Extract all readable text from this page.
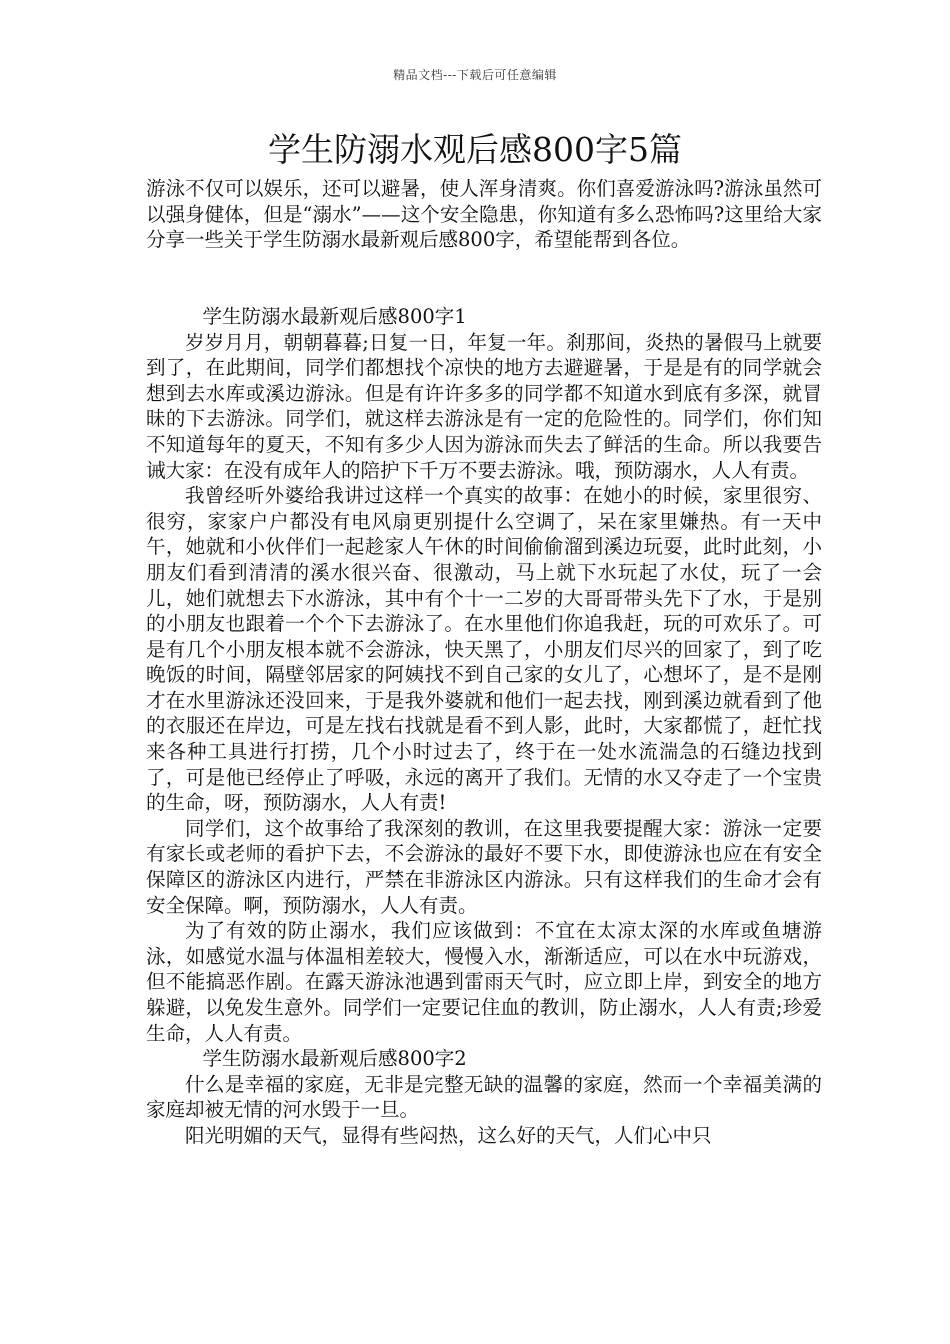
精品文档---下载后可任意编辑
学生防溺水观后感800字5篇

游泳不仅可以娱乐，还可以避暑，使人浑身清爽。你们喜爱游泳吗?游泳虽然可以强身健体，但是“溺水”——这个安全隐患，你知道有多么恐怖吗?这里给大家分享一些关于学生防溺水最新观后感800字，希望能帮到各位。

学生防溺水最新观后感800字1

岁岁月月，朝朝暮暮;日复一日，年复一年。刹那间，炎热的暑假马上就要到了，在此期间，同学们都想找个凉快的地方去避避暑，于是是有的同学就会想到去水库或溪边游泳。但是有许许多多的同学都不知道水到底有多深，就冒昧的下去游泳。同学们，就这样去游泳是有一定的危险性的。同学们，你们知不知道每年的夏天，不知有多少人因为游泳而失去了鲜活的生命。所以我要告诫大家：在没有成年人的陪护下千万不要去游泳。哦，预防溺水，人人有责。

我曾经听外婆给我讲过这样一个真实的故事：在她小的时候，家里很穷、很穷，家家户户都没有电风扇更别提什么空调了，呆在家里嫌热。有一天中午，她就和小伙伴们一起趁家人午休的时间偷偷溜到溪边玩耍，此时此刻，小朋友们看到清清的溪水很兴奋、很激动，马上就下水玩起了水仗，玩了一会儿，她们就想去下水游泳，其中有个十一二岁的大哥哥带头先下了水，于是别的小朋友也跟着一个个下去游泳了。在水里他们你追我赶，玩的可欢乐了。可是有几个小朋友根本就不会游泳，快天黑了，小朋友们尽兴的回家了，到了吃晚饭的时间，隔壁邻居家的阿姨找不到自己家的女儿了，心想坏了，是不是刚才在水里游泳还没回来，于是我外婆就和他们一起去找，刚到溪边就看到了他的衣服还在岸边，可是左找右找就是看不到人影，此时，大家都慌了，赶忙找来各种工具进行打捞，几个小时过去了，终于在一处水流湍急的石缝边找到了，可是他已经停止了呼吸，永远的离开了我们。无情的水又夺走了一个宝贵的生命，呀，预防溺水，人人有责!

同学们，这个故事给了我深刻的教训，在这里我要提醒大家：游泳一定要有家长或老师的看护下去，不会游泳的最好不要下水，即使游泳也应在有安全保障区的游泳区内进行，严禁在非游泳区内游泳。只有这样我们的生命才会有安全保障。啊，预防溺水，人人有责。

为了有效的防止溺水，我们应该做到：不宜在太凉太深的水库或鱼塘游泳，如感觉水温与体温相差较大，慢慢入水，渐渐适应，可以在水中玩游戏，但不能搞恶作剧。在露天游泳池遇到雷雨天气时，应立即上岸，到安全的地方躲避，以免发生意外。同学们一定要记住血的教训，防止溺水，人人有责;珍爱生命，人人有责。

学生防溺水最新观后感800字2

什么是幸福的家庭，无非是完整无缺的温馨的家庭，然而一个幸福美满的家庭却被无情的河水毁于一旦。

阳光明媚的天气，显得有些闷热，这么好的天气，人们心中只
